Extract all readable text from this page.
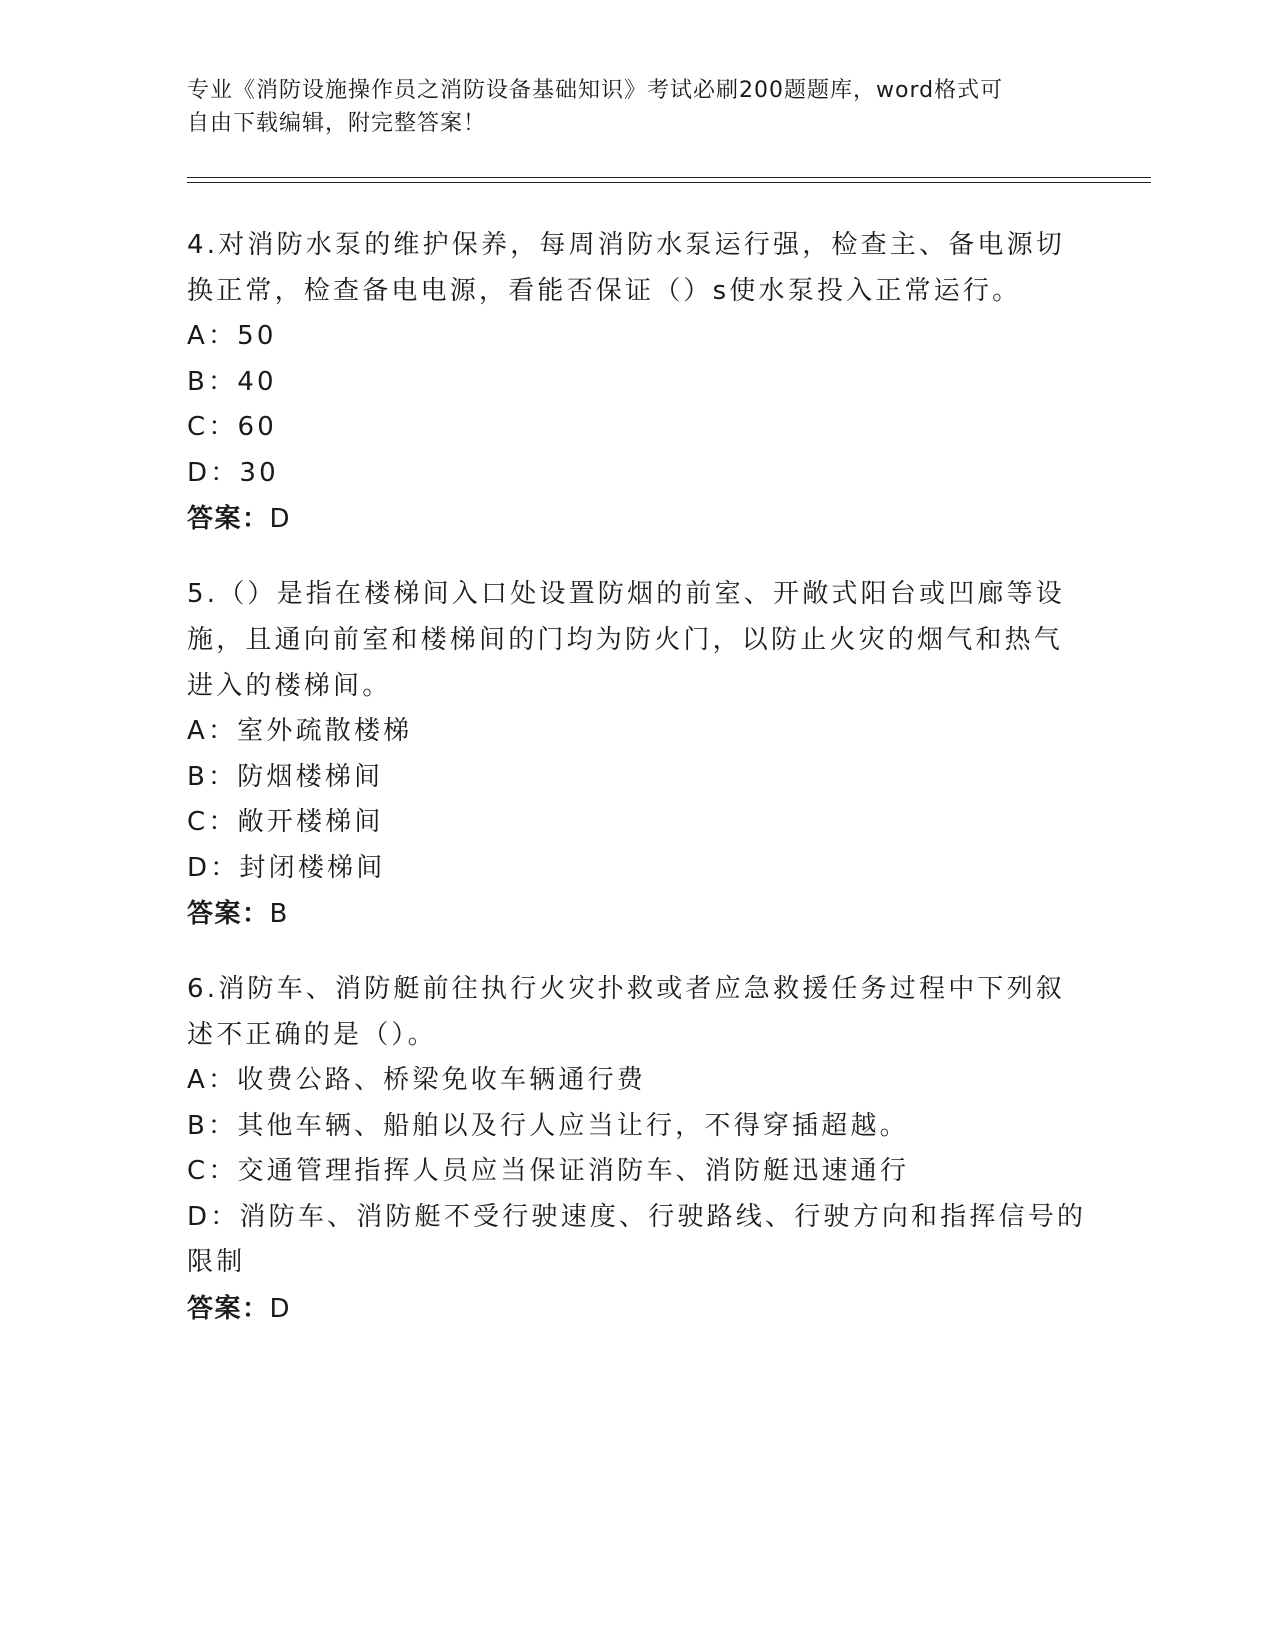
专业《消防设施操作员之消防设备基础知识》考试必刷200题题库，word格式可
自由下载编辑，附完整答案！

4.对消防水泵的维护保养，每周消防水泵运行强，检查主、备电源切换正常，检查备电电源，看能否保证（）s使水泵投入正常运行。

A：50

B：40

C：60

D：30

答案：D

5.（）是指在楼梯间入口处设置防烟的前室、开敞式阳台或凹廊等设施，且通向前室和楼梯间的门均为防火门，以防止火灾的烟气和热气进入的楼梯间。

A：室外疏散楼梯

B：防烟楼梯间

C：敞开楼梯间

D：封闭楼梯间

答案：B

6.消防车、消防艇前往执行火灾扑救或者应急救援任务过程中下列叙述不正确的是（）。

A：收费公路、桥梁免收车辆通行费

B：其他车辆、船舶以及行人应当让行，不得穿插超越。

C：交通管理指挥人员应当保证消防车、消防艇迅速通行

D：消防车、消防艇不受行驶速度、行驶路线、行驶方向和指挥信号的限制

答案：D
